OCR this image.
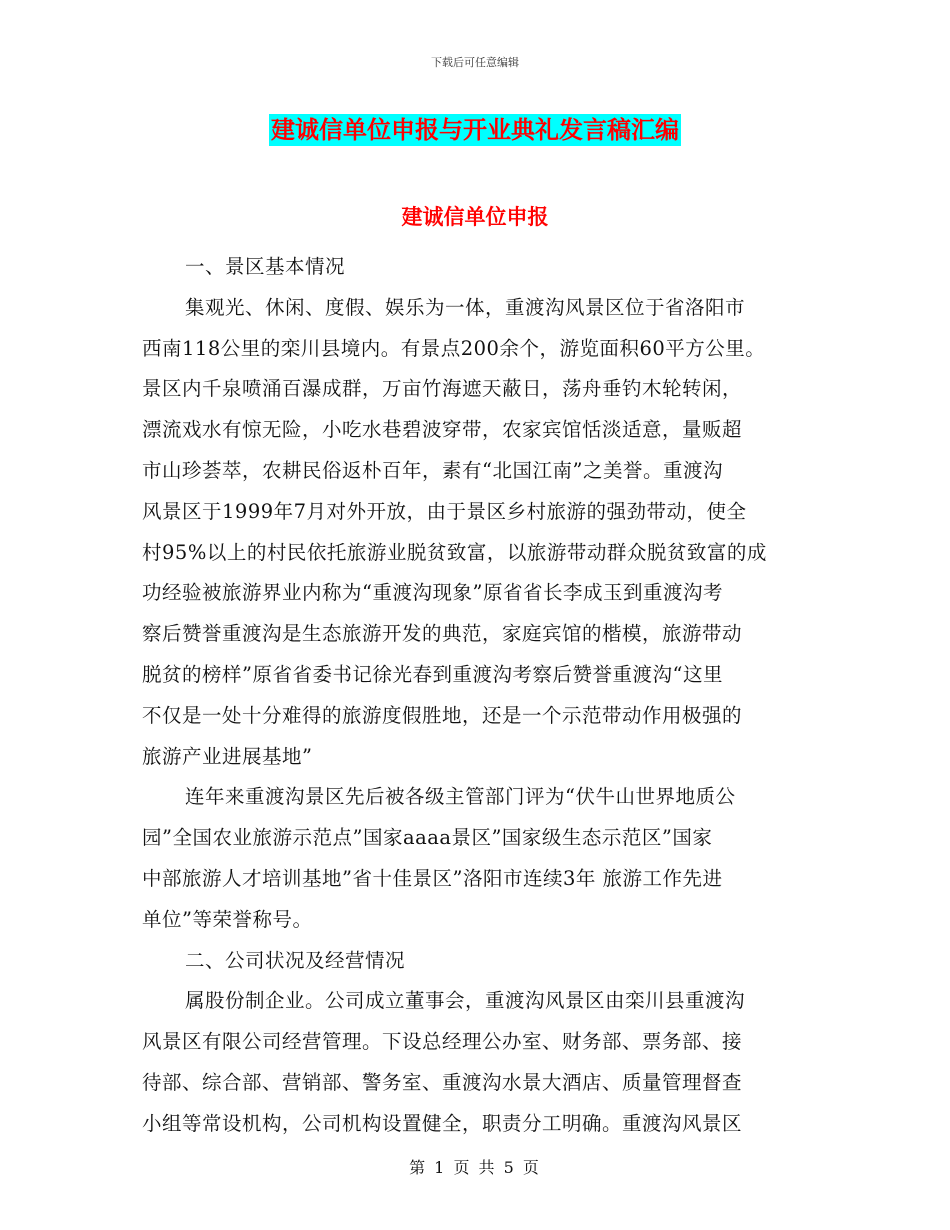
下载后可任意编辑
建诚信单位申报与开业典礼发言稿汇编
建诚信单位申报
一、景区基本情况
集观光、休闲、度假、娱乐为一体，重渡沟风景区位于省洛阳市
西南118公里的栾川县境内。有景点200余个，游览面积60平方公里。
景区内千泉喷涌百瀑成群，万亩竹海遮天蔽日，荡舟垂钓木轮转闲，
漂流戏水有惊无险，小吃水巷碧波穿带，农家宾馆恬淡适意，量贩超
市山珍荟萃，农耕民俗返朴百年，素有“北国江南”之美誉。重渡沟
风景区于1999年7月对外开放，由于景区乡村旅游的强劲带动，使全
村95%以上的村民依托旅游业脱贫致富，以旅游带动群众脱贫致富的成
功经验被旅游界业内称为“重渡沟现象”原省省长李成玉到重渡沟考
察后赞誉重渡沟是生态旅游开发的典范，家庭宾馆的楷模，旅游带动
脱贫的榜样”原省省委书记徐光春到重渡沟考察后赞誉重渡沟“这里
不仅是一处十分难得的旅游度假胜地，还是一个示范带动作用极强的
旅游产业进展基地”
连年来重渡沟景区先后被各级主管部门评为“伏牛山世界地质公
园”全国农业旅游示范点”国家aaaa景区”国家级生态示范区”国家
中部旅游人才培训基地”省十佳景区”洛阳市连续3年 旅游工作先进
单位”等荣誉称号。
二、公司状况及经营情况
属股份制企业。公司成立董事会，重渡沟风景区由栾川县重渡沟
风景区有限公司经营管理。下设总经理公办室、财务部、票务部、接
待部、综合部、营销部、警务室、重渡沟水景大酒店、质量管理督查
小组等常设机构，公司机构设置健全，职责分工明确。重渡沟风景区
第 1 页 共 5 页
